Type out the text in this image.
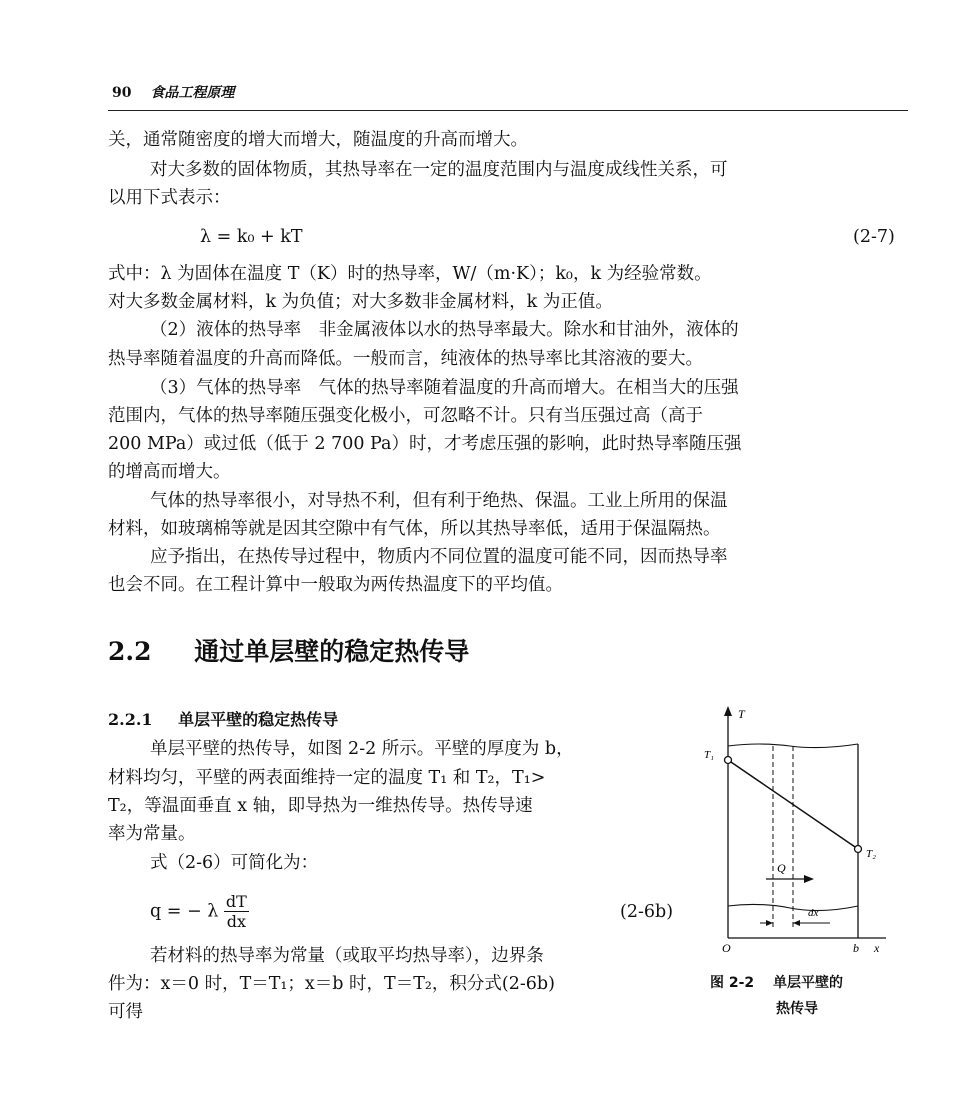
90 食品工程原理
关，通常随密度的增大而增大，随温度的升高而增大。
对大多数的固体物质，其热导率在一定的温度范围内与温度成线性关系，可
以用下式表示：
λ = k₀ + kT	(2-7)
式中：λ 为固体在温度 T（K）时的热导率，W/（m·K）；k₀，k 为经验常数。
对大多数金属材料，k 为负值；对大多数非金属材料，k 为正值。
（2）液体的热导率　非金属液体以水的热导率最大。除水和甘油外，液体的
热导率随着温度的升高而降低。一般而言，纯液体的热导率比其溶液的要大。
（3）气体的热导率　气体的热导率随着温度的升高而增大。在相当大的压强
范围内，气体的热导率随压强变化极小，可忽略不计。只有当压强过高（高于
200 MPa）或过低（低于 2 700 Pa）时，才考虑压强的影响，此时热导率随压强
的增高而增大。
气体的热导率很小，对导热不利，但有利于绝热、保温。工业上所用的保温
材料，如玻璃棉等就是因其空隙中有气体，所以其热导率低，适用于保温隔热。
应予指出，在热传导过程中，物质内不同位置的温度可能不同，因而热导率
也会不同。在工程计算中一般取为两传热温度下的平均值。
2.2 通过单层壁的稳定热传导
2.2.1 单层平壁的稳定热传导
单层平壁的热传导，如图 2-2 所示。平壁的厚度为 b，
材料均匀，平壁的两表面维持一定的温度 T₁ 和 T₂，T₁>
T₂，等温面垂直 x 轴，即导热为一维热传导。热传导速
率为常量。
式（2-6）可简化为：
q = − λ $\frac{dT}{dx}$	(2-6b)
若材料的热导率为常量（或取平均热导率），边界条
件为：x＝0 时，T＝T₁；x＝b 时，T＝T₂，积分式(2-6b)
可得
T
T₁
T₂
Q
dx
O	b x
图 2-2 单层平壁的
热传导
